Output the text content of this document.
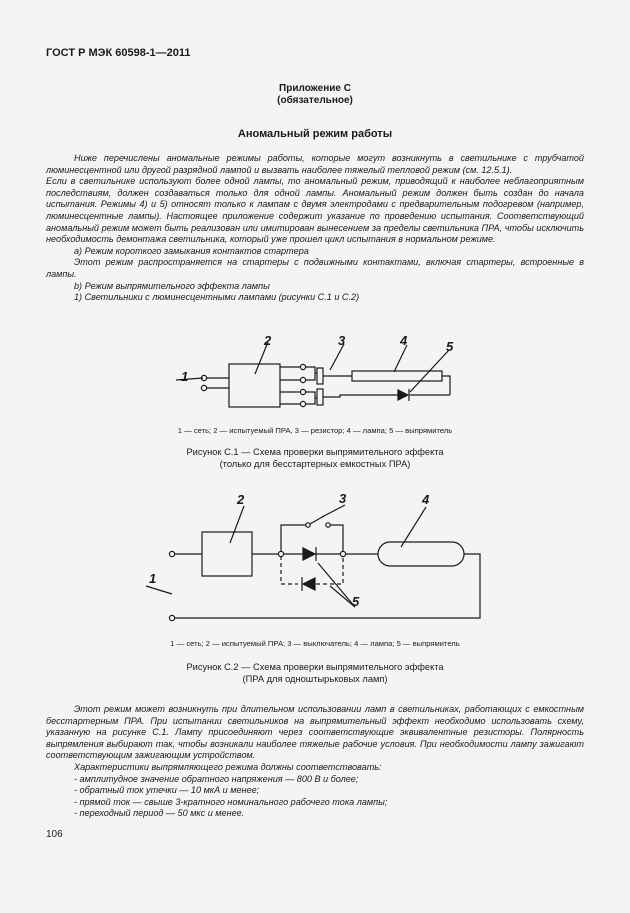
ГОСТ Р МЭК 60598-1—2011
Приложение С
(обязательное)
Аномальный режим работы

Ниже перечислены аномальные режимы работы, которые могут возникнуть в светильнике с трубчатой люминесцентной или другой разрядной лампой и вызвать наиболее тяжелый тепловой режим (см. 12.5.1).

Если в светильнике используют более одной лампы, то аномальный режим, приводящий к наиболее неблагоприятным последствиям, должен создаваться только для одной лампы. Аномальный режим должен быть создан до начала испытания. Режимы 4) и 5) относят только к лампам с двумя электродами с предварительным подогревом (например, люминесцентные лампы). Настоящее приложение содержит указание по проведению испытания. Соответствующий аномальный режим может быть реализован или имитирован вынесением за пределы светильника ПРА, чтобы исключить необходимость демонтажа светильника, который уже прошел цикл испытания в нормальном режиме.

а) Режим короткого замыкания контактов стартера

Этот режим распространяется на стартеры с подвижными контактами, включая стартеры, встроенные в лампы.

b) Режим выпрямительного эффекта лампы

1) Светильники с люминесцентными лампами (рисунки С.1 и С.2)

1
2	3	4	5
1 — сеть; 2 — испытуемый ПРА, 3 — резистор; 4 — лампа; 5 — выпрямитель
Рисунок С.1 — Схема проверки выпрямительного эффекта
(только для бесстартерных емкостных ПРА)
1
2	3	4
5
1 — сеть; 2 — испытуемый ПРА; 3 — выключатель; 4 — лампа; 5 — выпрямитель
Рисунок С.2 — Схема проверки выпрямительного эффекта
(ПРА для одноштырьковых ламп)

Этот режим может возникнуть при длительном использовании ламп в светильниках, работающих с емкостным бесстартерным ПРА. При испытании светильников на выпрямительный эффект необходимо использовать схему, указанную на рисунке С.1. Лампу присоединяют через соответствующие эквивалентные резисторы. Полярность выпрямления выбирают так, чтобы возникали наиболее тяжелые рабочие условия. При необходимости лампу зажигают соответствующим зажигающим устройством.

Характеристики выпрямляющего режима должны соответствовать:

- амплитудное значение обратного напряжения — 800 В и более;

- обратный ток утечки — 10 мкА и менее;

- прямой ток — свыше 3-кратного номинального рабочего тока лампы;

- переходный период — 50 мкс и менее.

106
